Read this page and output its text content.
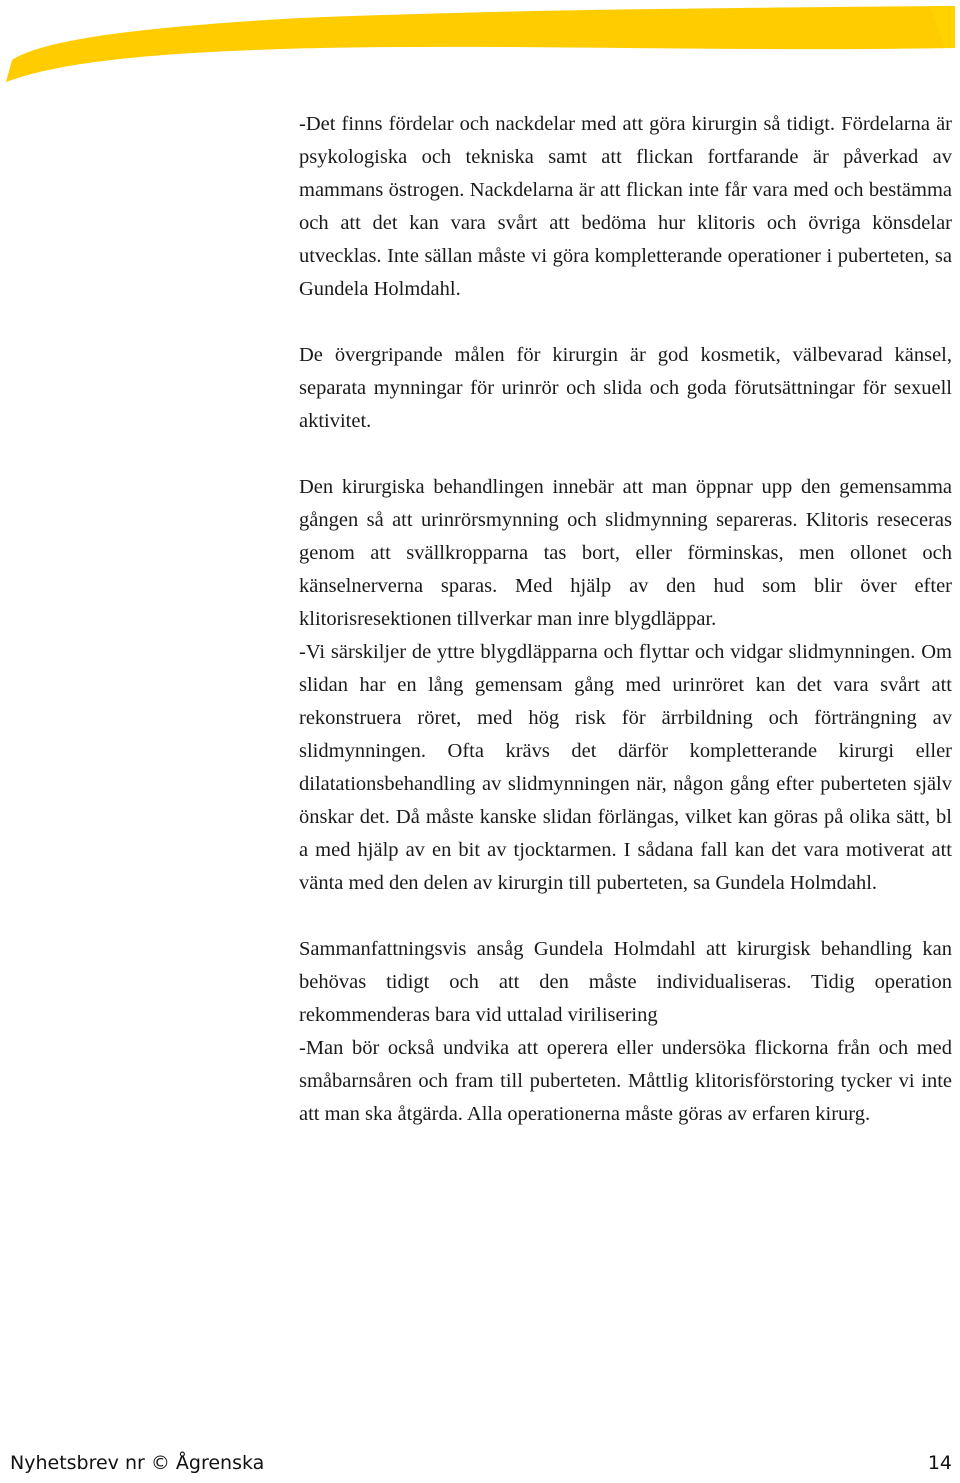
-Det finns fördelar och nackdelar med att göra kirurgin så tidigt. Fördelarna är psykologiska och tekniska samt att flickan fortfarande är påverkad av mammans östrogen. Nackdelarna är att flickan inte får vara med och bestämma och att det kan vara svårt att bedöma hur klitoris och övriga könsdelar utvecklas. Inte sällan måste vi göra kompletterande operationer i puberteten, sa Gundela Holmdahl.

De övergripande målen för kirurgin är god kosmetik, välbevarad känsel, separata mynningar för urinrör och slida och goda förutsättningar för sexuell aktivitet.

Den kirurgiska behandlingen innebär att man öppnar upp den gemensamma gången så att urinrörsmynning och slidmynning separeras. Klitoris reseceras genom att svällkropparna tas bort, eller förminskas, men ollonet och känselnerverna sparas. Med hjälp av den hud som blir över efter klitorisresektionen tillverkar man inre blygdläppar.

-Vi särskiljer de yttre blygdläpparna och flyttar och vidgar slidmynningen. Om slidan har en lång gemensam gång med urinröret kan det vara svårt att rekonstruera röret, med hög risk för ärrbildning och förträngning av slidmynningen. Ofta krävs det därför kompletterande kirurgi eller dilatationsbehandling av slidmynningen när, någon gång efter puberteten själv önskar det. Då måste kanske slidan förlängas, vilket kan göras på olika sätt, bl a med hjälp av en bit av tjocktarmen. I sådana fall kan det vara motiverat att vänta med den delen av kirurgin till puberteten, sa Gundela Holmdahl.

Sammanfattningsvis ansåg Gundela Holmdahl att kirurgisk behandling kan behövas tidigt och att den måste individualiseras. Tidig operation rekommenderas bara vid uttalad virilisering

-Man bör också undvika att operera eller undersöka flickorna från och med småbarnsåren och fram till puberteten. Måttlig klitorisförstoring tycker vi inte att man ska åtgärda. Alla operationerna måste göras av erfaren kirurg.

Nyhetsbrev nr © Ågrenska	14
